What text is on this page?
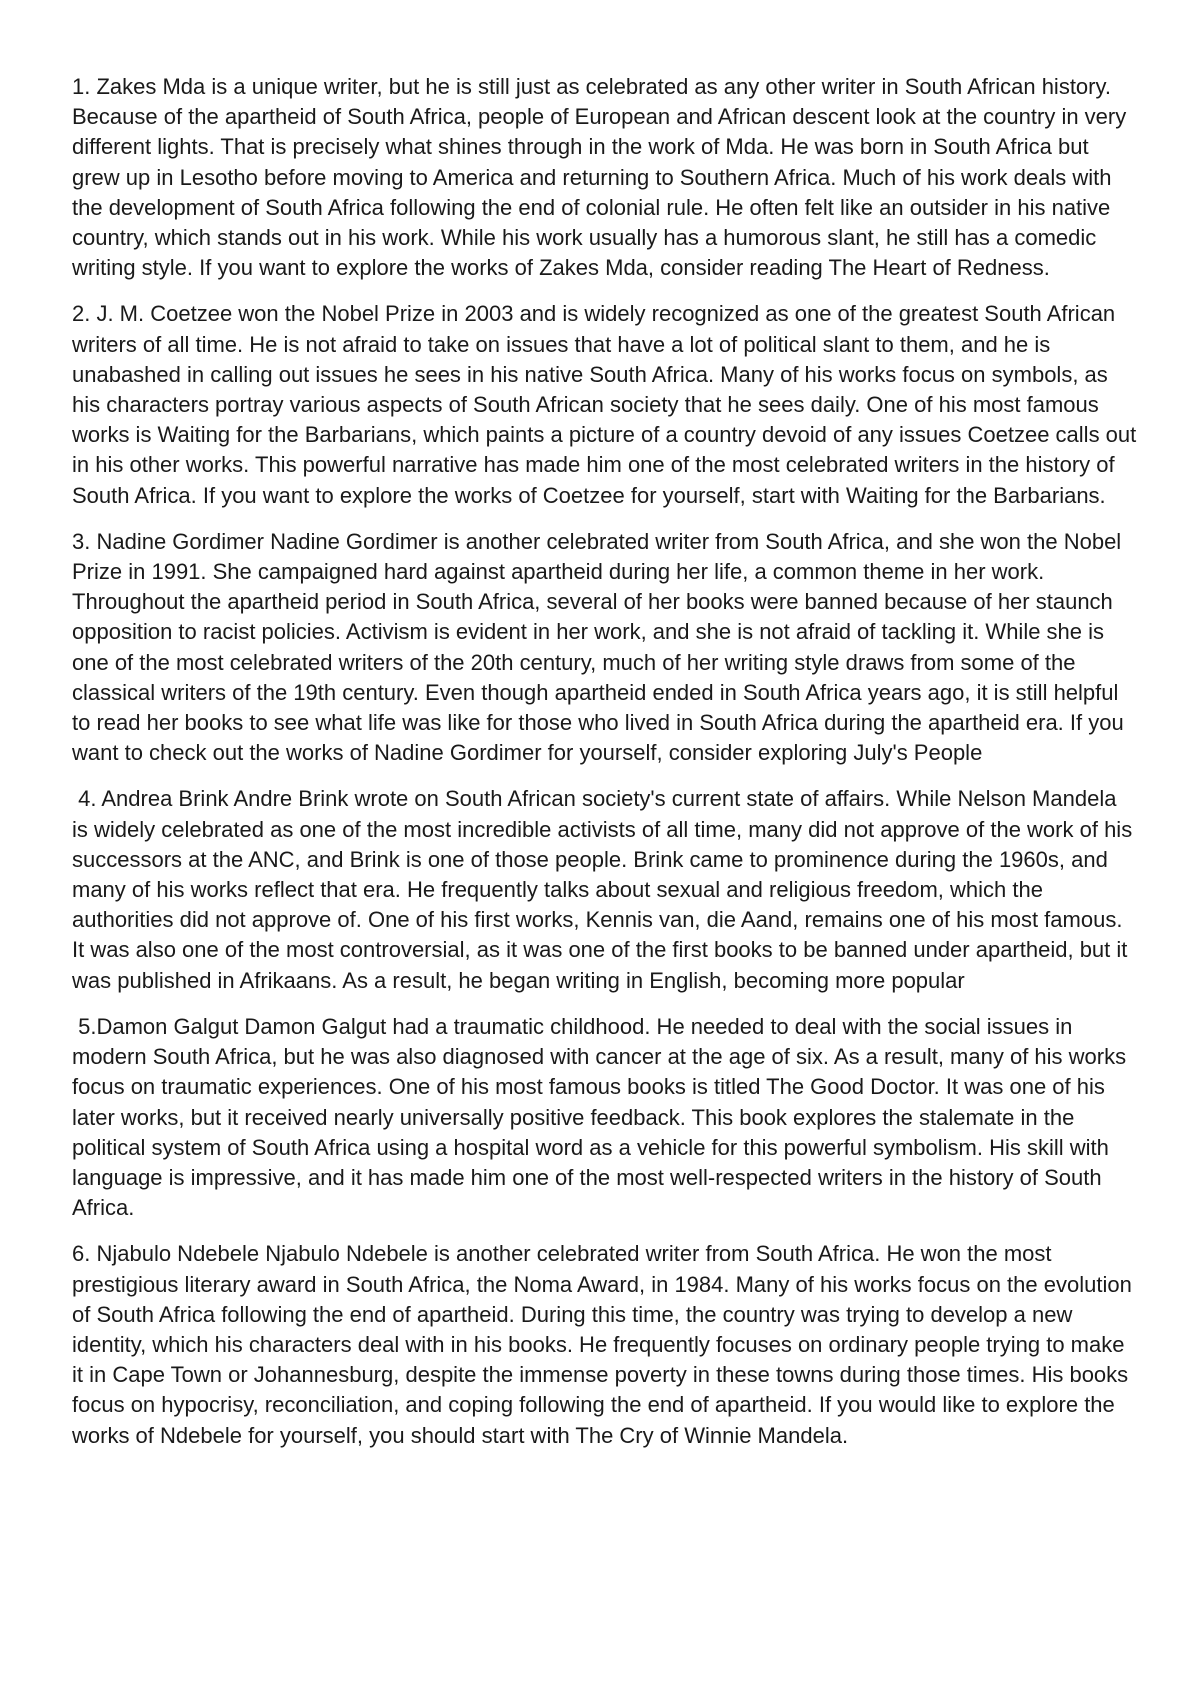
1. Zakes Mda is a unique writer, but he is still just as celebrated as any other writer in South African history. Because of the apartheid of South Africa, people of European and African descent look at the country in very different lights. That is precisely what shines through in the work of Mda. He was born in South Africa but grew up in Lesotho before moving to America and returning to Southern Africa. Much of his work deals with the development of South Africa following the end of colonial rule. He often felt like an outsider in his native country, which stands out in his work. While his work usually has a humorous slant, he still has a comedic writing style. If you want to explore the works of Zakes Mda, consider reading The Heart of Redness.

2. J. M. Coetzee won the Nobel Prize in 2003 and is widely recognized as one of the greatest South African writers of all time. He is not afraid to take on issues that have a lot of political slant to them, and he is unabashed in calling out issues he sees in his native South Africa. Many of his works focus on symbols, as his characters portray various aspects of South African society that he sees daily. One of his most famous works is Waiting for the Barbarians, which paints a picture of a country devoid of any issues Coetzee calls out in his other works. This powerful narrative has made him one of the most celebrated writers in the history of South Africa. If you want to explore the works of Coetzee for yourself, start with Waiting for the Barbarians.

3. Nadine Gordimer Nadine Gordimer is another celebrated writer from South Africa, and she won the Nobel Prize in 1991. She campaigned hard against apartheid during her life, a common theme in her work. Throughout the apartheid period in South Africa, several of her books were banned because of her staunch opposition to racist policies. Activism is evident in her work, and she is not afraid of tackling it. While she is one of the most celebrated writers of the 20th century, much of her writing style draws from some of the classical writers of the 19th century. Even though apartheid ended in South Africa years ago, it is still helpful to read her books to see what life was like for those who lived in South Africa during the apartheid era. If you want to check out the works of Nadine Gordimer for yourself, consider exploring July's People

4. Andrea Brink Andre Brink wrote on South African society's current state of affairs. While Nelson Mandela is widely celebrated as one of the most incredible activists of all time, many did not approve of the work of his successors at the ANC, and Brink is one of those people. Brink came to prominence during the 1960s, and many of his works reflect that era. He frequently talks about sexual and religious freedom, which the authorities did not approve of. One of his first works, Kennis van, die Aand, remains one of his most famous. It was also one of the most controversial, as it was one of the first books to be banned under apartheid, but it was published in Afrikaans. As a result, he began writing in English, becoming more popular

5.Damon Galgut Damon Galgut had a traumatic childhood. He needed to deal with the social issues in modern South Africa, but he was also diagnosed with cancer at the age of six. As a result, many of his works focus on traumatic experiences. One of his most famous books is titled The Good Doctor. It was one of his later works, but it received nearly universally positive feedback. This book explores the stalemate in the political system of South Africa using a hospital word as a vehicle for this powerful symbolism. His skill with language is impressive, and it has made him one of the most well-respected writers in the history of South Africa.

6. Njabulo Ndebele Njabulo Ndebele is another celebrated writer from South Africa. He won the most prestigious literary award in South Africa, the Noma Award, in 1984. Many of his works focus on the evolution of South Africa following the end of apartheid. During this time, the country was trying to develop a new identity, which his characters deal with in his books. He frequently focuses on ordinary people trying to make it in Cape Town or Johannesburg, despite the immense poverty in these towns during those times. His books focus on hypocrisy, reconciliation, and coping following the end of apartheid. If you would like to explore the works of Ndebele for yourself, you should start with The Cry of Winnie Mandela.
